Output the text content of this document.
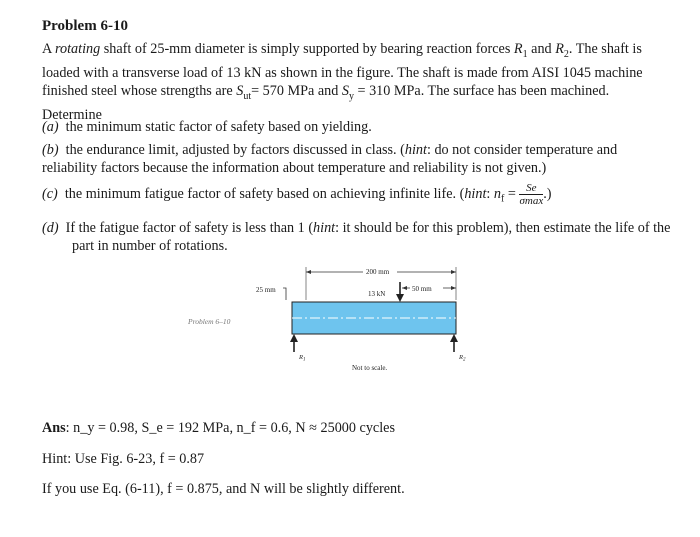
Problem 6-10
A rotating shaft of 25-mm diameter is simply supported by bearing reaction forces $R_1$ and $R_2$. The shaft is loaded with a transverse load of 13 kN as shown in the figure. The shaft is made from AISI 1045 machine finished steel whose strengths are $S_{ut}= 570$ MPa and $S_y = 310$ MPa. The surface has been machined. Determine
(a) the minimum static factor of safety based on yielding.
(b) the endurance limit, adjusted by factors discussed in class. (hint: do not consider temperature and reliability factors because the information about temperature and reliability is not given.)
(c) the minimum fatigue factor of safety based on achieving infinite life. (hint: $n_f = \frac{Se}{\sigma\max}$ .)
(d) If the fatigue factor of safety is less than 1 (hint: it should be for this problem), then estimate the life of the part in number of rotations.
Problem 6–10
200 mm
25 mm	13 kN
50 mm
$R_1$	$R_2$
Not to scale.
Ans: n_y = 0.98, S_e = 192 MPa, n_f = 0.6, N ≈ 25000 cycles
Hint: Use Fig. 6-23, f = 0.87
If you use Eq. (6-11), f = 0.875, and N will be slightly different.
